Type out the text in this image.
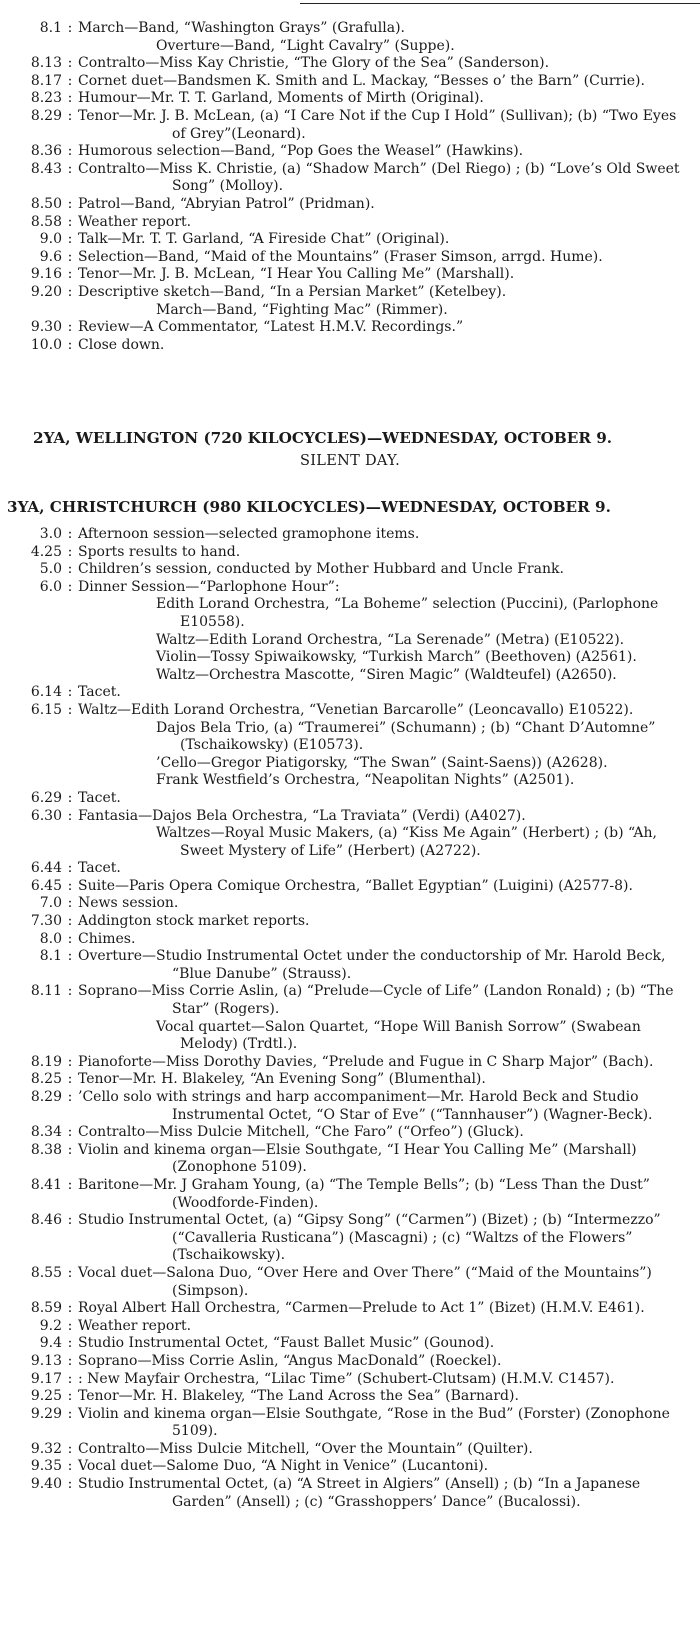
8.1 : March—Band, “Washington Grays” (Grafulla).
Overture—Band, “Light Cavalry” (Suppe).
8.13 : Contralto—Miss Kay Christie, “The Glory of the Sea” (Sanderson).
8.17 : Cornet duet—Bandsmen K. Smith and L. Mackay, “Besses o’ the Barn” (Currie).
8.23 : Humour—Mr. T. T. Garland, Moments of Mirth (Original).
8.29 : Tenor—Mr. J. B. McLean, (a) “I Care Not if the Cup I Hold” (Sullivan); (b) “Two Eyes of Grey”(Leonard).
8.36 : Humorous selection—Band, “Pop Goes the Weasel” (Hawkins).
8.43 : Contralto—Miss K. Christie, (a) “Shadow March” (Del Riego) ; (b) “Love’s Old Sweet Song” (Molloy).
8.50 : Patrol—Band, “Abryian Patrol” (Pridman).
8.58 : Weather report.
9.0 : Talk—Mr. T. T. Garland, “A Fireside Chat” (Original).
9.6 : Selection—Band, “Maid of the Mountains” (Fraser Simson, arrgd. Hume).
9.16 : Tenor—Mr. J. B. McLean, “I Hear You Calling Me” (Marshall).
9.20 : Descriptive sketch—Band, “In a Persian Market” (Ketelbey).
March—Band, “Fighting Mac” (Rimmer).
9.30 : Review—A Commentator, “Latest H.M.V. Recordings.”
10.0 : Close down.
2YA, WELLINGTON (720 KILOCYCLES)—WEDNESDAY, OCTOBER 9.
SILENT DAY.
3YA, CHRISTCHURCH (980 KILOCYCLES)—WEDNESDAY, OCTOBER 9.
3.0 : Afternoon session—selected gramophone items.
4.25 : Sports results to hand.
5.0 : Children’s session, conducted by Mother Hubbard and Uncle Frank.
6.0 : Dinner Session—“Parlophone Hour”:
Edith Lorand Orchestra, “La Boheme” selection (Puccini), (Parlophone E10558).
Waltz—Edith Lorand Orchestra, “La Serenade” (Metra) (E10522).
Violin—Tossy Spiwaikowsky, “Turkish March” (Beethoven) (A2561).
Waltz—Orchestra Mascotte, “Siren Magic” (Waldteufel) (A2650).
6.14 : Tacet.
6.15 : Waltz—Edith Lorand Orchestra, “Venetian Barcarolle” (Leoncavallo) E10522).
Dajos Bela Trio, (a) “Traumerei” (Schumann) ; (b) “Chant D’Automne” (Tschaikowsky) (E10573).
’Cello—Gregor Piatigorsky, “The Swan” (Saint-Saens)) (A2628).
Frank Westfield’s Orchestra, “Neapolitan Nights” (A2501).
6.29 : Tacet.
6.30 : Fantasia—Dajos Bela Orchestra, “La Traviata” (Verdi) (A4027).
Waltzes—Royal Music Makers, (a) “Kiss Me Again” (Herbert) ; (b) “Ah, Sweet Mystery of Life” (Herbert) (A2722).
6.44 : Tacet.
6.45 : Suite—Paris Opera Comique Orchestra, “Ballet Egyptian” (Luigini) (A2577-8).
7.0 : News session.
7.30 : Addington stock market reports.
8.0 : Chimes.
8.1 : Overture—Studio Instrumental Octet under the conductorship of Mr. Harold Beck, “Blue Danube” (Strauss).
8.11 : Soprano—Miss Corrie Aslin, (a) “Prelude—Cycle of Life” (Landon Ronald) ; (b) “The Star” (Rogers).
Vocal quartet—Salon Quartet, “Hope Will Banish Sorrow” (Swabean Melody) (Trdtl.).
8.19 : Pianoforte—Miss Dorothy Davies, “Prelude and Fugue in C Sharp Major” (Bach).
8.25 : Tenor—Mr. H. Blakeley, “An Evening Song” (Blumenthal).
8.29 : ’Cello solo with strings and harp accompaniment—Mr. Harold Beck and Studio Instrumental Octet, “O Star of Eve” (“Tannhauser”) (Wagner-Beck).
8.34 : Contralto—Miss Dulcie Mitchell, “Che Faro” (“Orfeo”) (Gluck).
8.38 : Violin and kinema organ—Elsie Southgate, “I Hear You Calling Me” (Marshall) (Zonophone 5109).
8.41 : Baritone—Mr. J Graham Young, (a) “The Temple Bells”; (b) “Less Than the Dust” (Woodforde-Finden).
8.46 : Studio Instrumental Octet, (a) “Gipsy Song” (“Carmen”) (Bizet) ; (b) “Intermezzo” (“Cavalleria Rusticana”) (Mascagni) ; (c) “Waltzs of the Flowers” (Tschaikowsky).
8.55 : Vocal duet—Salona Duo, “Over Here and Over There” (“Maid of the Mountains”) (Simpson).
8.59 : Royal Albert Hall Orchestra, “Carmen—Prelude to Act 1” (Bizet) (H.M.V. E461).
9.2 : Weather report.
9.4 : Studio Instrumental Octet, “Faust Ballet Music” (Gounod).
9.13 : Soprano—Miss Corrie Aslin, “Angus MacDonald” (Roeckel).
9.17 : : New Mayfair Orchestra, “Lilac Time” (Schubert-Clutsam) (H.M.V. C1457).
9.25 : Tenor—Mr. H. Blakeley, “The Land Across the Sea” (Barnard).
9.29 : Violin and kinema organ—Elsie Southgate, “Rose in the Bud” (Forster) (Zonophone 5109).
9.32 : Contralto—Miss Dulcie Mitchell, “Over the Mountain” (Quilter).
9.35 : Vocal duet—Salome Duo, “A Night in Venice” (Lucantoni).
9.40 : Studio Instrumental Octet, (a) “A Street in Algiers” (Ansell) ; (b) “In a Japanese Garden” (Ansell) ; (c) “Grasshoppers’ Dance” (Bucalossi).
